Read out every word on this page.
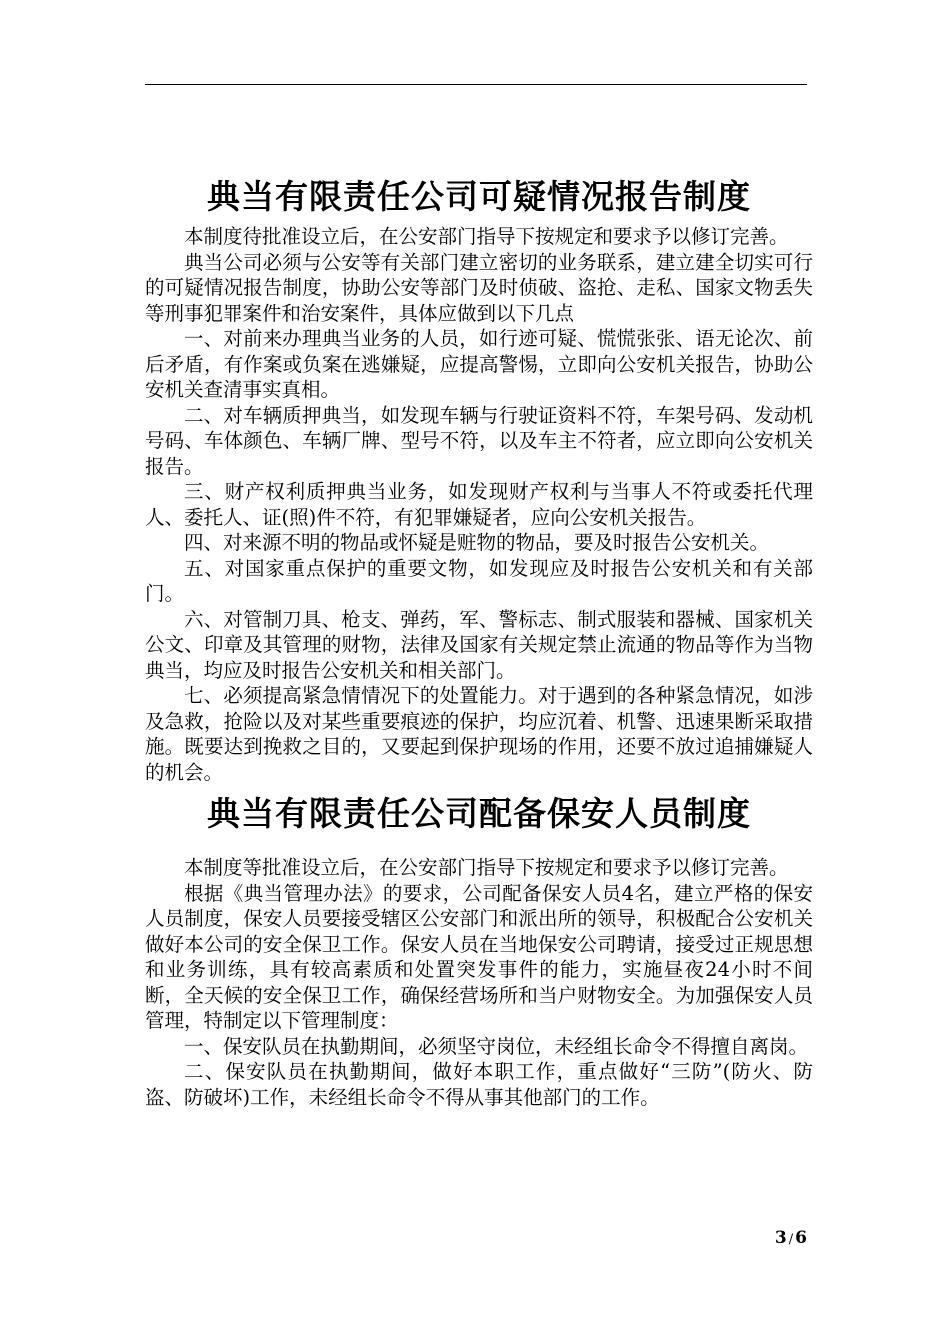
典当有限责任公司可疑情况报告制度

本制度待批准设立后，在公安部门指导下按规定和要求予以修订完善。

典当公司必须与公安等有关部门建立密切的业务联系，建立建全切实可行的可疑情况报告制度，协助公安等部门及时侦破、盗抢、走私、国家文物丢失等刑事犯罪案件和治安案件，具体应做到以下几点

一、对前来办理典当业务的人员，如行迹可疑、慌慌张张、语无论次、前后矛盾，有作案或负案在逃嫌疑，应提高警惕，立即向公安机关报告，协助公安机关查清事实真相。

二、对车辆质押典当，如发现车辆与行驶证资料不符，车架号码、发动机号码、车体颜色、车辆厂牌、型号不符，以及车主不符者，应立即向公安机关报告。

三、财产权利质押典当业务，如发现财产权利与当事人不符或委托代理人、委托人、证(照)件不符，有犯罪嫌疑者，应向公安机关报告。

四、对来源不明的物品或怀疑是赃物的物品，要及时报告公安机关。

五、对国家重点保护的重要文物，如发现应及时报告公安机关和有关部门。

六、对管制刀具、枪支、弹药，军、警标志、制式服装和器械、国家机关公文、印章及其管理的财物，法律及国家有关规定禁止流通的物品等作为当物典当，均应及时报告公安机关和相关部门。

七、必须提高紧急情情况下的处置能力。对于遇到的各种紧急情况，如涉及急救，抢险以及对某些重要痕迹的保护，均应沉着、机警、迅速果断采取措施。既要达到挽救之目的，又要起到保护现场的作用，还要不放过追捕嫌疑人的机会。

典当有限责任公司配备保安人员制度

本制度等批准设立后，在公安部门指导下按规定和要求予以修订完善。

根据《典当管理办法》的要求，公司配备保安人员4名，建立严格的保安人员制度，保安人员要接受辖区公安部门和派出所的领导，积极配合公安机关做好本公司的安全保卫工作。保安人员在当地保安公司聘请，接受过正规思想和业务训练，具有较高素质和处置突发事件的能力，实施昼夜24小时不间断，全天候的安全保卫工作，确保经营场所和当户财物安全。为加强保安人员管理，特制定以下管理制度：

一、保安队员在执勤期间，必须坚守岗位，未经组长命令不得擅自离岗。

二、保安队员在执勤期间，做好本职工作，重点做好“三防”(防火、防盗、防破坏)工作，未经组长命令不得从事其他部门的工作。

3 / 6
